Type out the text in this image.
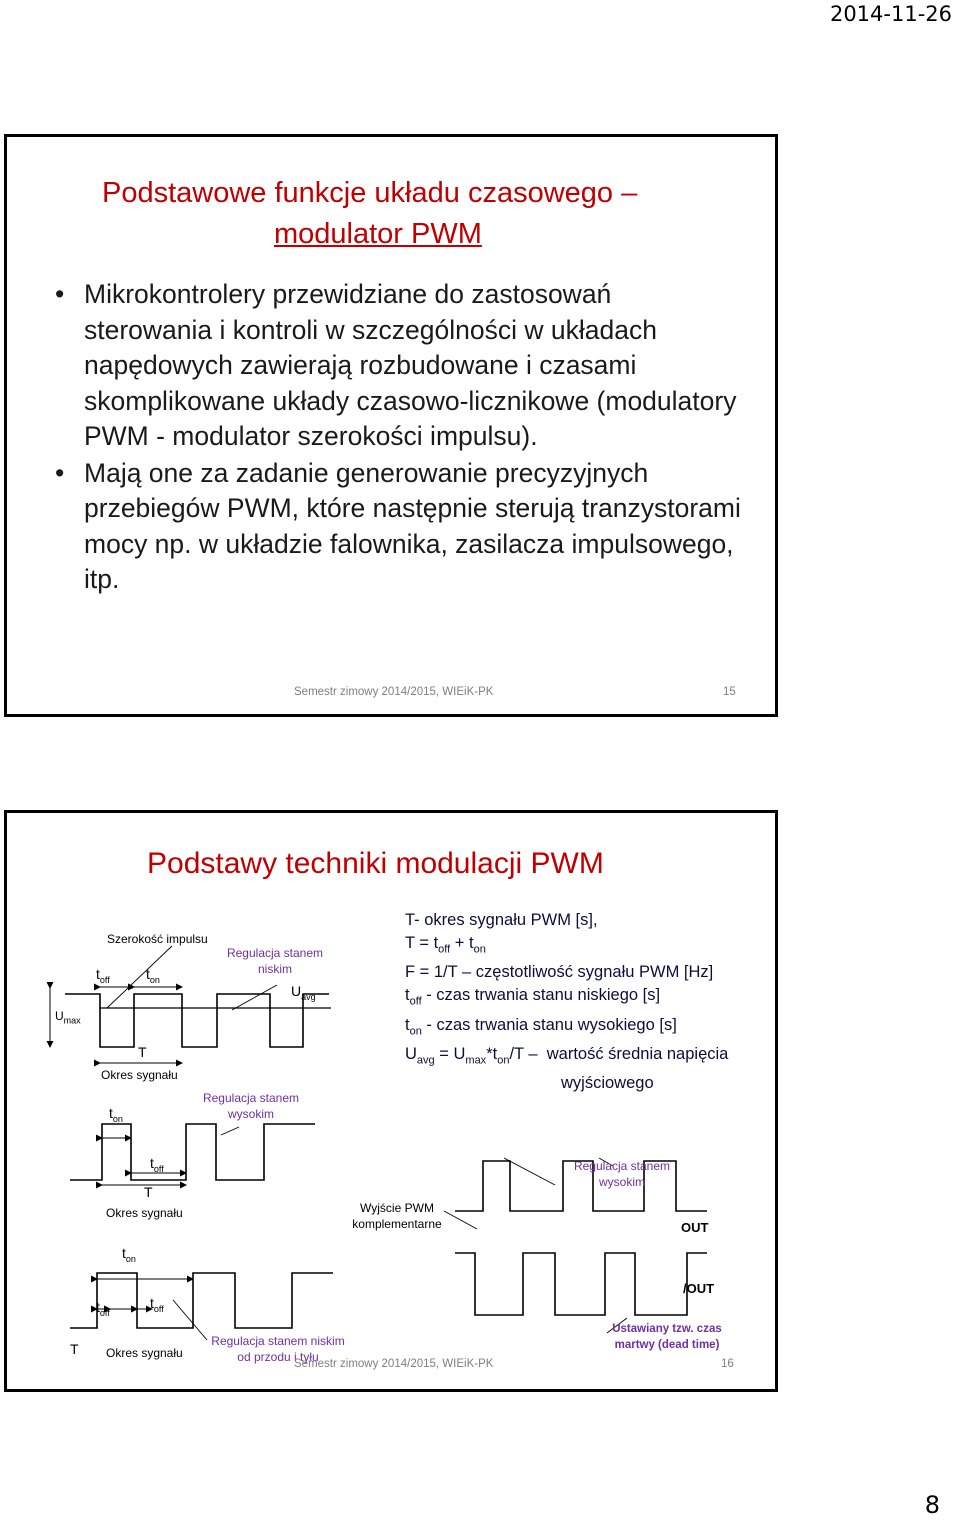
2014-11-26
Podstawowe funkcje układu czasowego –
modulator PWM
• Mikrokontrolery przewidziane do zastosowań sterowania i kontroli w szczególności w układach napędowych zawierają rozbudowane i czasami skomplikowane układy czasowo-licznikowe (modulatory PWM - modulator szerokości impulsu).
• Mają one za zadanie generowanie precyzyjnych przebiegów PWM, które następnie sterują tranzystorami mocy np. w układzie falownika, zasilacza impulsowego, itp.
Semestr zimowy 2014/2015, WIEiK-PK	15
Podstawy techniki modulacji PWM
$U_{max}$
Szerokość impulsu
$t_{off}$	$t_{on}$
T
Okres sygnału
Regulacja stanem niskim
$U_{avg}$
$t_{on}$
Regulacja stanem wysokim
$t_{off}$
T
Okres sygnału
$t_{on}$
$t_{off}$
$t_{off}$
T Okres sygnału
Regulacja stanem niskim od przodu i tyłu
Wyjście PWM komplementarne
Regulacja stanem wysokim
OUT
/OUT
Ustawiany tzw. czas martwy (dead time)
T- okres sygnału PWM [s],
$T = t_{off} + t_{on}$
F = 1/T – częstotliwość sygnału PWM [Hz]
$t_{off}$ - czas trwania stanu niskiego [s]
$t_{on}$ - czas trwania stanu wysokiego [s]
$U_{avg} = U_{max}*t_{on}/T$ –  wartość średnia napięcia
wyjściowego
Semestr zimowy 2014/2015, WIEiK-PK	16
8
